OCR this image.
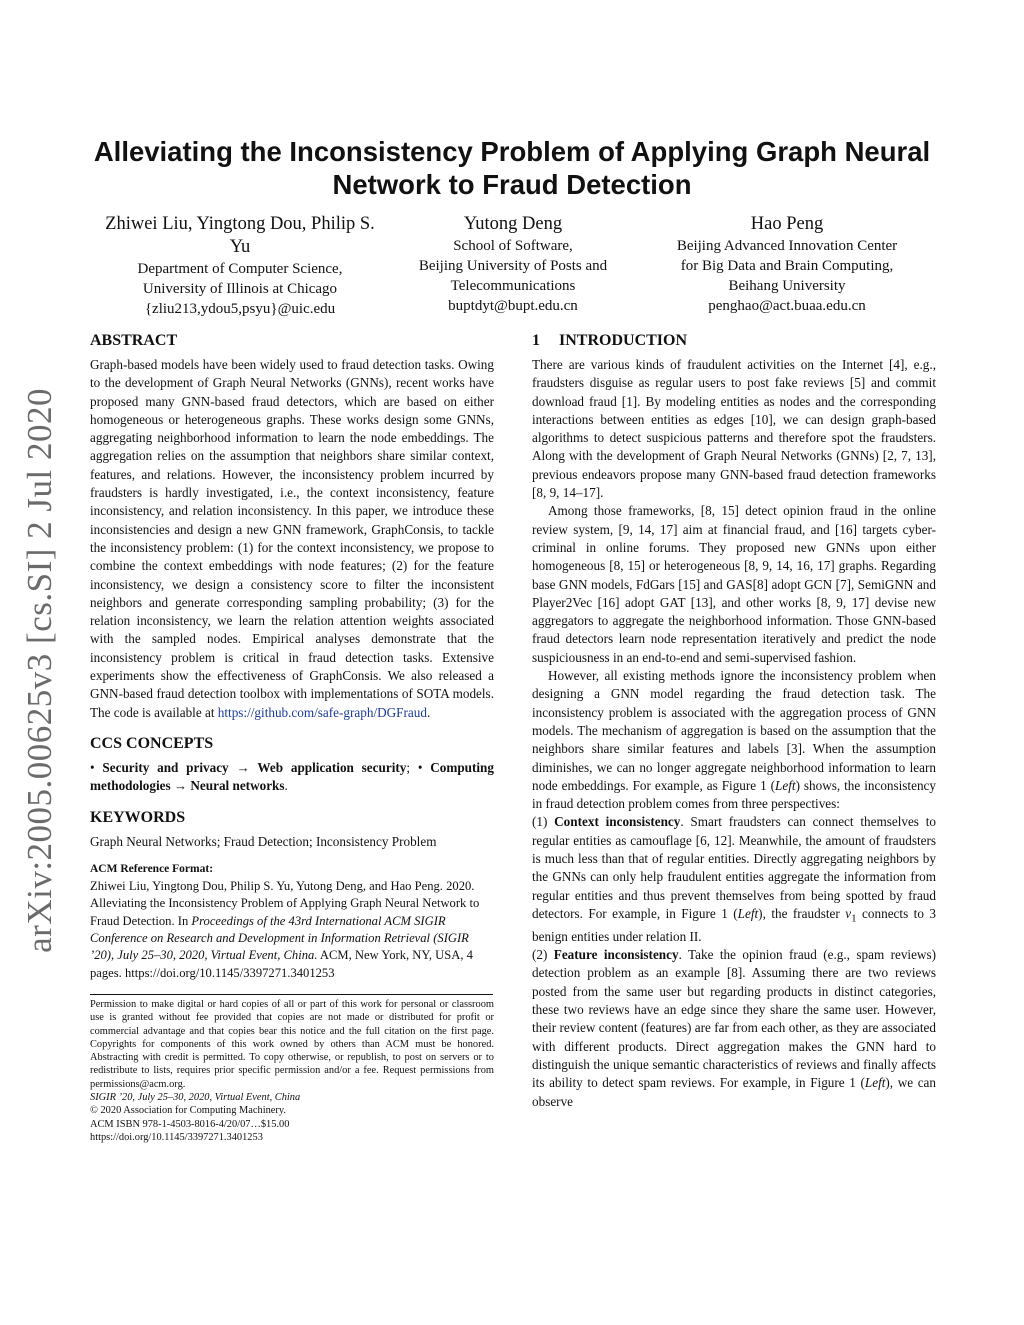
arXiv:2005.00625v3 [cs.SI] 2 Jul 2020
Alleviating the Inconsistency Problem of Applying Graph Neural Network to Fraud Detection
Zhiwei Liu, Yingtong Dou, Philip S. Yu
Department of Computer Science,
University of Illinois at Chicago
{zliu213,ydou5,psyu}@uic.edu
Yutong Deng
School of Software,
Beijing University of Posts and
Telecommunications
buptdyt@bupt.edu.cn
Hao Peng
Beijing Advanced Innovation Center
for Big Data and Brain Computing,
Beihang University
penghao@act.buaa.edu.cn
ABSTRACT

Graph-based models have been widely used to fraud detection tasks. Owing to the development of Graph Neural Networks (GNNs), recent works have proposed many GNN-based fraud detectors, which are based on either homogeneous or heterogeneous graphs. These works design some GNNs, aggregating neighborhood information to learn the node embeddings. The aggregation relies on the assumption that neighbors share similar context, features, and relations. However, the inconsistency problem incurred by fraudsters is hardly investigated, i.e., the context inconsistency, feature inconsistency, and relation inconsistency. In this paper, we introduce these inconsistencies and design a new GNN framework, GraphConsis, to tackle the inconsistency problem: (1) for the context inconsistency, we propose to combine the context embeddings with node features; (2) for the feature inconsistency, we design a consistency score to filter the inconsistent neighbors and generate corresponding sampling probability; (3) for the relation inconsistency, we learn the relation attention weights associated with the sampled nodes. Empirical analyses demonstrate that the inconsistency problem is critical in fraud detection tasks. Extensive experiments show the effectiveness of GraphConsis. We also released a GNN-based fraud detection toolbox with implementations of SOTA models. The code is available at https://github.com/safe-graph/DGFraud.

CCS CONCEPTS

• Security and privacy → Web application security; • Computing methodologies → Neural networks.

KEYWORDS

Graph Neural Networks; Fraud Detection; Inconsistency Problem

ACM Reference Format:
Zhiwei Liu, Yingtong Dou, Philip S. Yu, Yutong Deng, and Hao Peng. 2020. Alleviating the Inconsistency Problem of Applying Graph Neural Network to Fraud Detection. In Proceedings of the 43rd International ACM SIGIR Conference on Research and Development in Information Retrieval (SIGIR ’20), July 25–30, 2020, Virtual Event, China. ACM, New York, NY, USA, 4 pages. https://doi.org/10.1145/3397271.3401253

Permission to make digital or hard copies of all or part of this work for personal or classroom use is granted without fee provided that copies are not made or distributed for profit or commercial advantage and that copies bear this notice and the full citation on the first page. Copyrights for components of this work owned by others than ACM must be honored. Abstracting with credit is permitted. To copy otherwise, or republish, to post on servers or to redistribute to lists, requires prior specific permission and/or a fee. Request permissions from permissions@acm.org.

SIGIR ’20, July 25–30, 2020, Virtual Event, China
© 2020 Association for Computing Machinery.
ACM ISBN 978-1-4503-8016-4/20/07…$15.00
https://doi.org/10.1145/3397271.3401253
1 INTRODUCTION

There are various kinds of fraudulent activities on the Internet [4], e.g., fraudsters disguise as regular users to post fake reviews [5] and commit download fraud [1]. By modeling entities as nodes and the corresponding interactions between entities as edges [10], we can design graph-based algorithms to detect suspicious patterns and therefore spot the fraudsters. Along with the development of Graph Neural Networks (GNNs) [2, 7, 13], previous endeavors propose many GNN-based fraud detection frameworks [8, 9, 14–17].

Among those frameworks, [8, 15] detect opinion fraud in the online review system, [9, 14, 17] aim at financial fraud, and [16] targets cyber-criminal in online forums. They proposed new GNNs upon either homogeneous [8, 15] or heterogeneous [8, 9, 14, 16, 17] graphs. Regarding base GNN models, FdGars [15] and GAS[8] adopt GCN [7], SemiGNN and Player2Vec [16] adopt GAT [13], and other works [8, 9, 17] devise new aggregators to aggregate the neighborhood information. Those GNN-based fraud detectors learn node representation iteratively and predict the node suspiciousness in an end-to-end and semi-supervised fashion.

However, all existing methods ignore the inconsistency problem when designing a GNN model regarding the fraud detection task. The inconsistency problem is associated with the aggregation process of GNN models. The mechanism of aggregation is based on the assumption that the neighbors share similar features and labels [3]. When the assumption diminishes, we can no longer aggregate neighborhood information to learn node embeddings. For example, as Figure 1 (Left) shows, the inconsistency in fraud detection problem comes from three perspectives:

(1) Context inconsistency. Smart fraudsters can connect themselves to regular entities as camouflage [6, 12]. Meanwhile, the amount of fraudsters is much less than that of regular entities. Directly aggregating neighbors by the GNNs can only help fraudulent entities aggregate the information from regular entities and thus prevent themselves from being spotted by fraud detectors. For example, in Figure 1 (Left), the fraudster $v_1$ connects to 3 benign entities under relation II.

(2) Feature inconsistency. Take the opinion fraud (e.g., spam reviews) detection problem as an example [8]. Assuming there are two reviews posted from the same user but regarding products in distinct categories, these two reviews have an edge since they share the same user. However, their review content (features) are far from each other, as they are associated with different products. Direct aggregation makes the GNN hard to distinguish the unique semantic characteristics of reviews and finally affects its ability to detect spam reviews. For example, in Figure 1 (Left), we can observe
